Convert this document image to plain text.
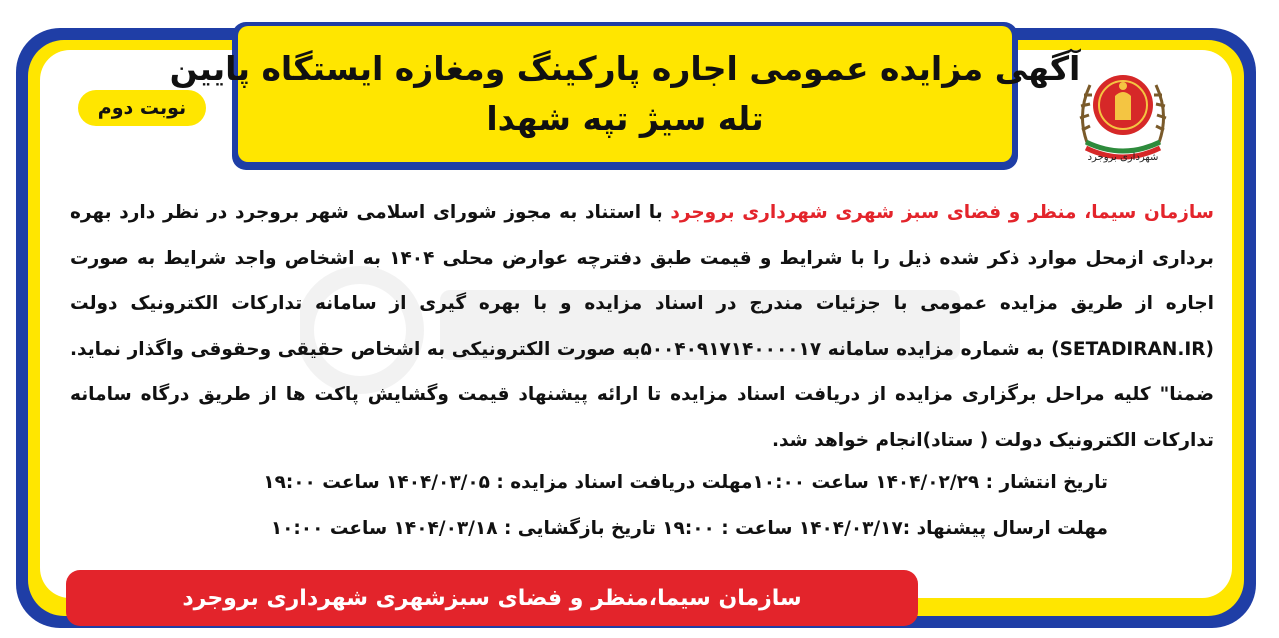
آگهی مزایده عمومی اجاره پارکینگ ومغازه ایستگاه پایین
تله سیژ تپه شهدا
نوبت دوم
شهرداری بروجرد
سازمان سیما، منظر و فضای سبز شهری شهرداری بروجرد با استناد به مجوز شورای اسلامی شهر بروجرد در نظر دارد بهره برداری ازمحل موارد ذکر شده ذیل را با شرایط و قیمت طبق دفترچه عوارض محلی ۱۴۰۴ به اشخاص واجد شرایط به صورت اجاره از طریق مزایده عمومی با جزئیات مندرج در اسناد مزایده و با بهره گیری از سامانه تدارکات الکترونیک دولت (SETADIRAN.IR) به شماره مزایده سامانه ۵۰۰۴۰۹۱۷۱۴۰۰۰۰۱۷به صورت الکترونیکی به اشخاص حقیقی وحقوقی واگذار نماید. ضمنا" کلیه مراحل برگزاری مزایده از دریافت اسناد مزایده تا ارائه پیشنهاد قیمت وگشایش پاکت ها از طریق درگاه سامانه تدارکات الکترونیک دولت ( ستاد)انجام خواهد شد.
تاریخ انتشار : ۱۴۰۴/۰۲/۲۹ ساعت ۱۰:۰۰مهلت دریافت اسناد مزایده : ۱۴۰۴/۰۳/۰۵ ساعت ۱۹:۰۰
مهلت ارسال پیشنهاد :۱۴۰۴/۰۳/۱۷ ساعت : ۱۹:۰۰ تاریخ بازگشایی : ۱۴۰۴/۰۳/۱۸ ساعت ۱۰:۰۰
سازمان سیما،منظر و فضای سبزشهری شهرداری بروجرد
